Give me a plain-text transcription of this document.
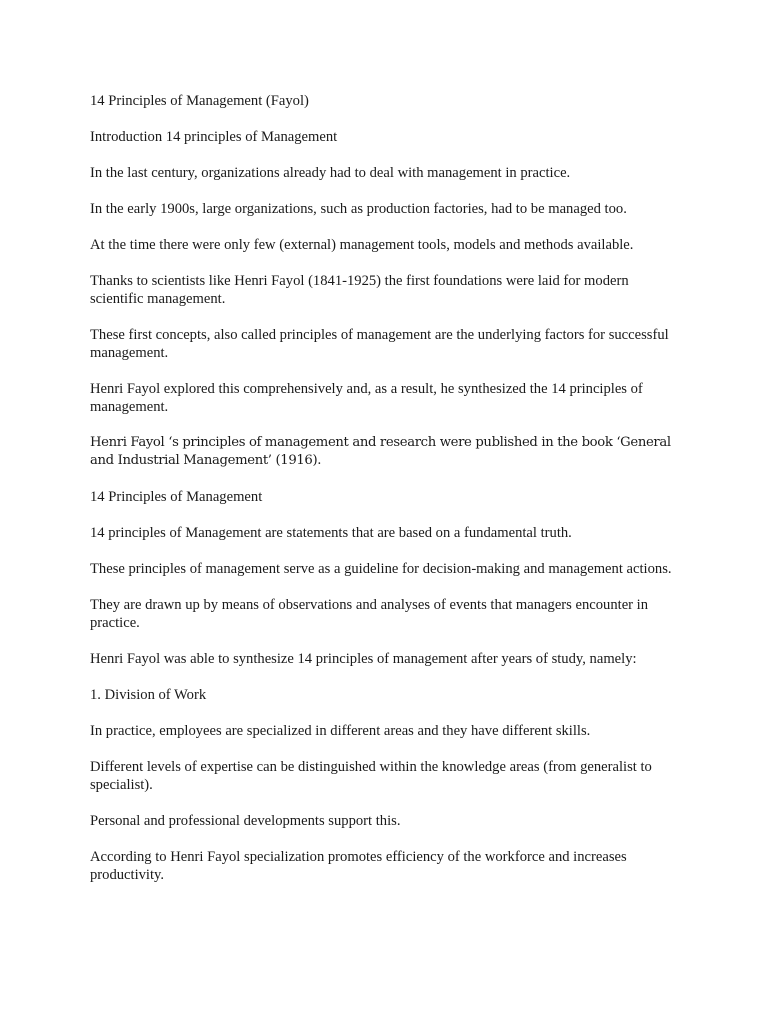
14 Principles of Management (Fayol)

Introduction 14 principles of Management

In the last century, organizations already had to deal with management in practice.

In the early 1900s, large organizations, such as production factories, had to be managed too.

At the time there were only few (external) management tools, models and methods available.

Thanks to scientists like Henri Fayol (1841-1925) the first foundations were laid for modern scientific management.

These first concepts, also called principles of management are the underlying factors for successful management.

Henri Fayol explored this comprehensively and, as a result, he synthesized the 14 principles of management.

Henri Fayol ‘s principles of management and research were published in the book ‘General and Industrial Management’ (1916).

14 Principles of Management

14 principles of Management are statements that are based on a fundamental truth.

These principles of management serve as a guideline for decision-making and management actions.

They are drawn up by means of observations and analyses of events that managers encounter in practice.

Henri Fayol was able to synthesize 14 principles of management after years of study, namely:

1. Division of Work

In practice, employees are specialized in different areas and they have different skills.

Different levels of expertise can be distinguished within the knowledge areas (from generalist to specialist).

Personal and professional developments support this.

According to Henri Fayol specialization promotes efficiency of the workforce and increases productivity.
